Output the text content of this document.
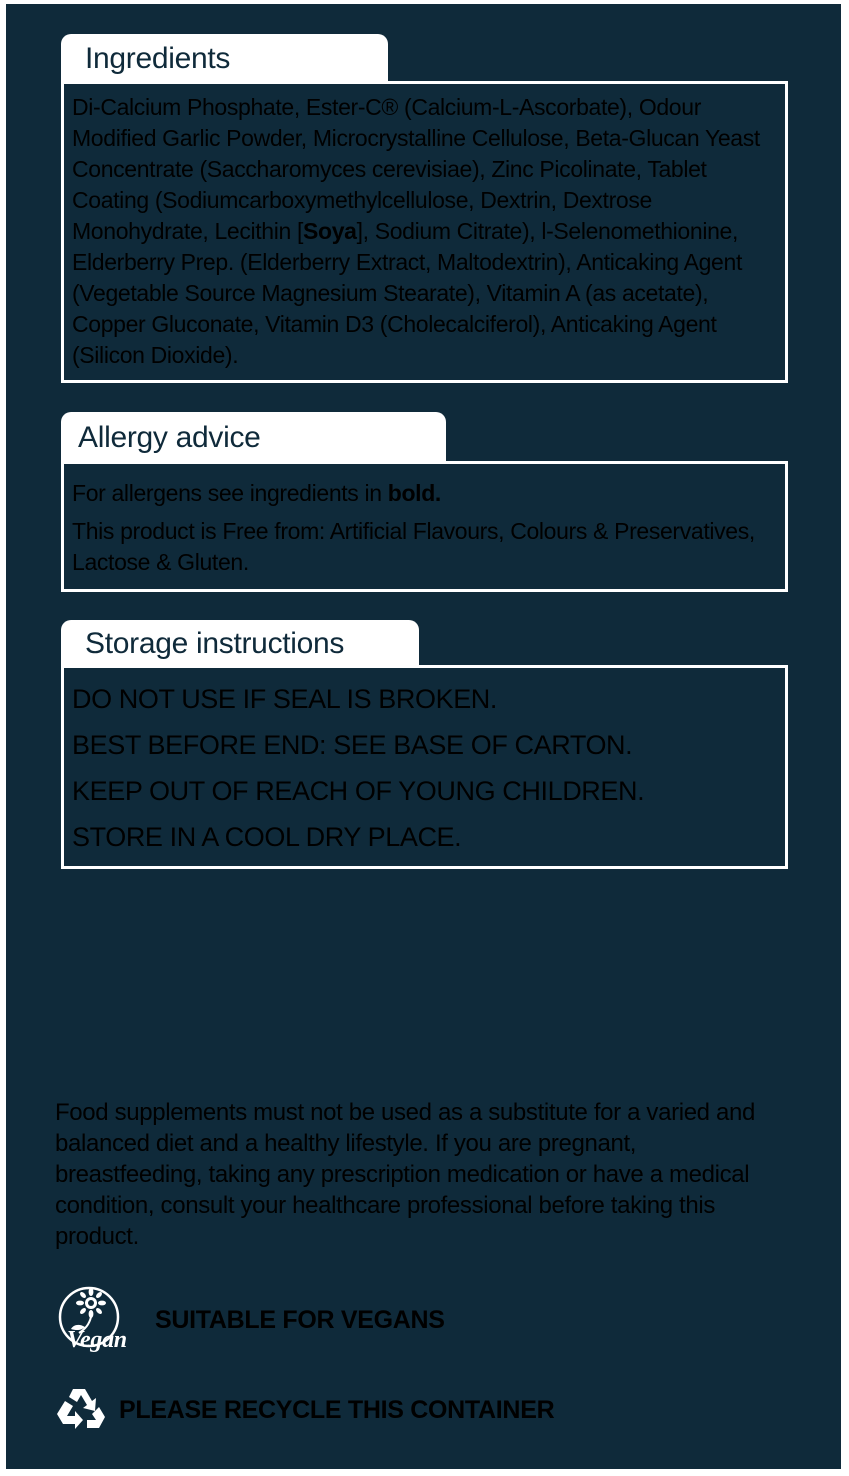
Ingredients

Di-Calcium Phosphate, Ester-C® (Calcium-L-Ascorbate), Odour Modified Garlic Powder, Microcrystalline Cellulose, Beta-Glucan Yeast Concentrate (Saccharomyces cerevisiae), Zinc Picolinate, Tablet Coating (Sodiumcarboxymethylcellulose, Dextrin, Dextrose Monohydrate, Lecithin [Soya], Sodium Citrate), l-Selenomethionine, Elderberry Prep. (Elderberry Extract, Maltodextrin), Anticaking Agent (Vegetable Source Magnesium Stearate), Vitamin A (as acetate), Copper Gluconate, Vitamin D3 (Cholecalciferol), Anticaking Agent (Silicon Dioxide).

Allergy advice

For allergens see ingredients in bold.

This product is Free from: Artificial Flavours, Colours & Preservatives, Lactose & Gluten.

Storage instructions
DO NOT USE IF SEAL IS BROKEN.
BEST BEFORE END: SEE BASE OF CARTON.
KEEP OUT OF REACH OF YOUNG CHILDREN.
STORE IN A COOL DRY PLACE.

Food supplements must not be used as a substitute for a varied and balanced diet and a healthy lifestyle. If you are pregnant, breastfeeding, taking any prescription medication or have a medical condition, consult your healthcare professional before taking this product.

Vegan
SUITABLE FOR VEGANS
PLEASE RECYCLE THIS CONTAINER
